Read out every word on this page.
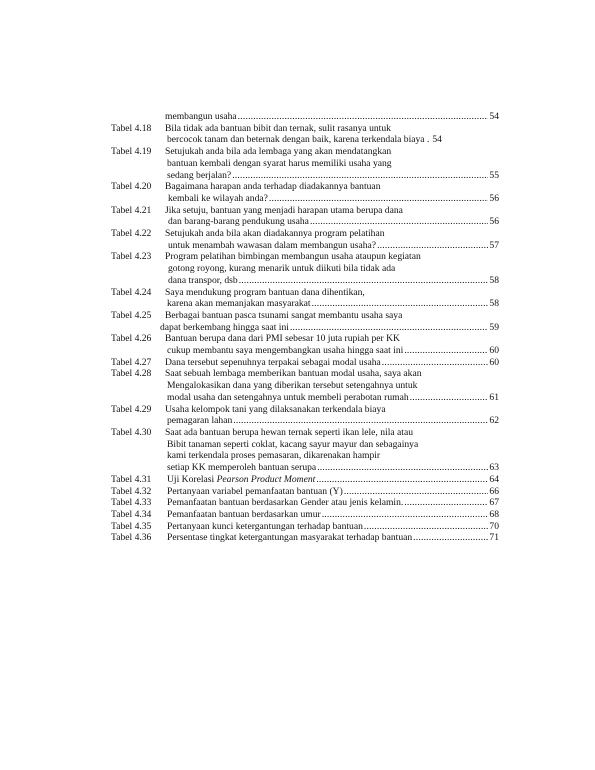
membangun usaha .....	54
Tabel 4.18	Bila tidak ada bantuan bibit dan ternak, sulit rasanya untuk
bercocok tanam dan beternak dengan baik, karena terkendala biaya . 54
Tabel 4.19	Setujukah anda bila ada lembaga yang akan mendatangkan
bantuan kembali dengan syarat harus memiliki usaha yang
sedang berjalan? .....	55
Tabel 4.20	Bagaimana harapan anda terhadap diadakannya bantuan
kembali ke wilayah anda? .....	56
Tabel 4.21	Jika setuju, bantuan yang menjadi harapan utama berupa dana
dan barang-barang pendukung usaha .....	56
Tabel 4.22	Setujukah anda bila akan diadakannya program pelatihan
untuk menambah wawasan dalam membangun usaha? .....	57
Tabel 4.23	Program pelatihan bimbingan membangun usaha ataupun kegiatan
gotong royong, kurang menarik untuk diikuti bila tidak ada
dana transpor, dsb .....	58
Tabel 4.24	Saya mendukung program bantuan dana dihentikan,
karena akan memanjakan masyarakat .....	58
Tabel 4.25	Berbagai bantuan pasca tsunami sangat membantu usaha saya
dapat berkembang hingga saat ini .....	59
Tabel 4.26	Bantuan berupa dana dari PMI sebesar 10 juta rupiah per KK
cukup membantu saya mengembangkan usaha hingga saat ini .....	60
Tabel 4.27	Dana tersebut sepenuhnya terpakai sebagai modal usaha .....	60
Tabel 4.28	Saat sebuah lembaga memberikan bantuan modal usaha, saya akan
Mengalokasikan dana yang diberikan tersebut setengahnya untuk
modal usaha dan setengahnya untuk membeli perabotan rumah .....	61
Tabel 4.29	Usaha kelompok tani yang dilaksanakan terkendala biaya
pemagaran lahan .....	62
Tabel 4.30	Saat ada bantuan berupa hewan ternak seperti ikan lele, nila atau
Bibit tanaman seperti coklat, kacang sayur mayur dan sebagainya
kami terkendala proses pemasaran, dikarenakan hampir
setiap KK memperoleh bantuan serupa .....	63
Tabel 4.31	Uji Korelasi Pearson Product Moment .....	64
Tabel 4.32	Pertanyaan variabel pemanfaatan bantuan (Y) .....	66
Tabel 4.33	Pemanfaatan bantuan berdasarkan Gender atau jenis kelamin. .....	67
Tabel 4.34	Pemanfaatan bantuan berdasarkan umur .....	68
Tabel 4.35	Pertanyaan kunci ketergantungan terhadap bantuan .....	70
Tabel 4.36	Persentase tingkat ketergantungan masyarakat terhadap bantuan .....	71
